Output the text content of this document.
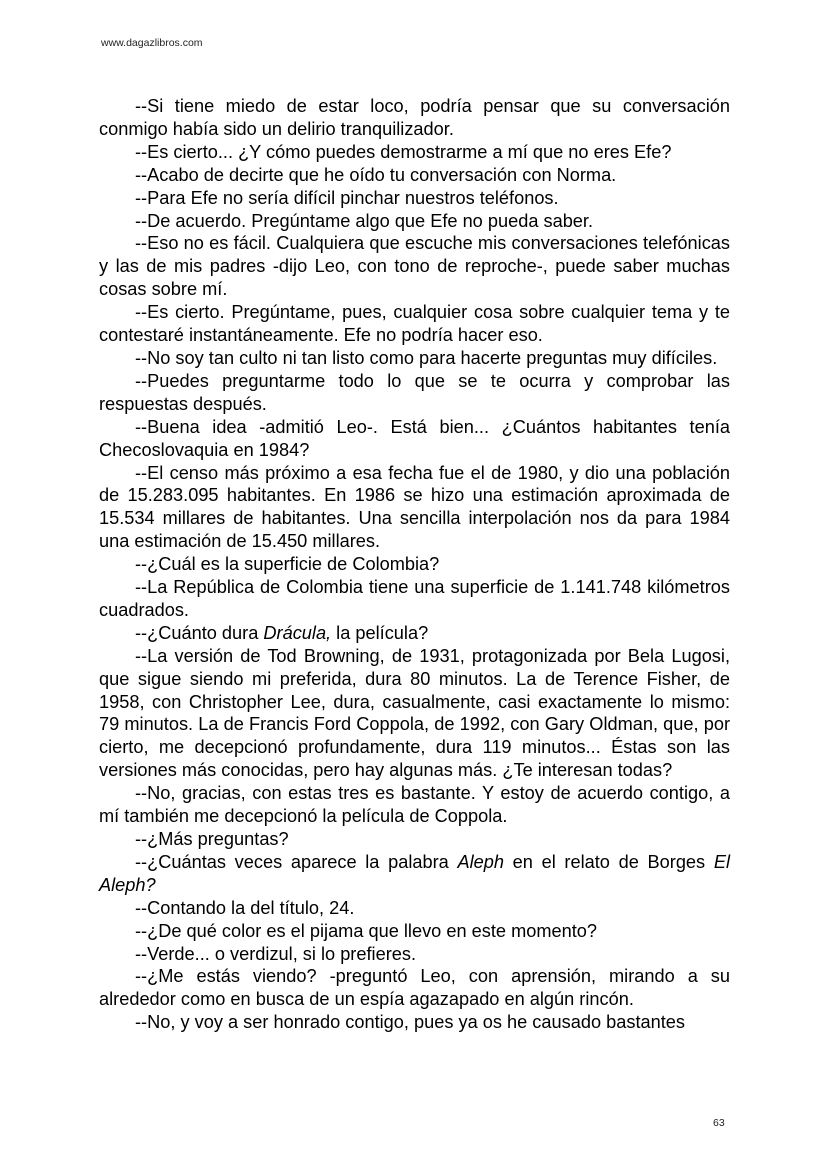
www.dagazlibros.com

--Si tiene miedo de estar loco, podría pensar que su conversación conmigo había sido un delirio tranquilizador.

--Es cierto... ¿Y cómo puedes demostrarme a mí que no eres Efe?

--Acabo de decirte que he oído tu conversación con Norma.

--Para Efe no sería difícil pinchar nuestros teléfonos.

--De acuerdo. Pregúntame algo que Efe no pueda saber.

--Eso no es fácil. Cualquiera que escuche mis conversaciones telefónicas y las de mis padres -dijo Leo, con tono de reproche-, puede saber muchas cosas sobre mí.

--Es cierto. Pregúntame, pues, cualquier cosa sobre cualquier tema y te contestaré instantáneamente. Efe no podría hacer eso.

--No soy tan culto ni tan listo como para hacerte preguntas muy difíciles.

--Puedes preguntarme todo lo que se te ocurra y comprobar las respuestas después.

--Buena idea -admitió Leo-. Está bien... ¿Cuántos habitantes tenía Checoslovaquia en 1984?

--El censo más próximo a esa fecha fue el de 1980, y dio una población de 15.283.095 habitantes. En 1986 se hizo una estimación aproximada de 15.534 millares de habitantes. Una sencilla interpolación nos da para 1984 una estimación de 15.450 millares.

--¿Cuál es la superficie de Colombia?

--La República de Colombia tiene una superficie de 1.141.748 kilómetros cuadrados.

--¿Cuánto dura Drácula, la película?

--La versión de Tod Browning, de 1931, protagonizada por Bela Lugosi, que sigue siendo mi preferida, dura 80 minutos. La de Terence Fisher, de 1958, con Christopher Lee, dura, casualmente, casi exactamente lo mismo: 79 minutos. La de Francis Ford Coppola, de 1992, con Gary Oldman, que, por cierto, me decepcionó profundamente, dura 119 minutos... Éstas son las versiones más conocidas, pero hay algunas más. ¿Te interesan todas?

--No, gracias, con estas tres es bastante. Y estoy de acuerdo contigo, a mí también me decepcionó la película de Coppola.

--¿Más preguntas?

--¿Cuántas veces aparece la palabra Aleph en el relato de Borges El Aleph?

--Contando la del título, 24.

--¿De qué color es el pijama que llevo en este momento?

--Verde... o verdizul, si lo prefieres.

--¿Me estás viendo? -preguntó Leo, con aprensión, mirando a su alrededor como en busca de un espía agazapado en algún rincón.

--No, y voy a ser honrado contigo, pues ya os he causado bastantes

63
